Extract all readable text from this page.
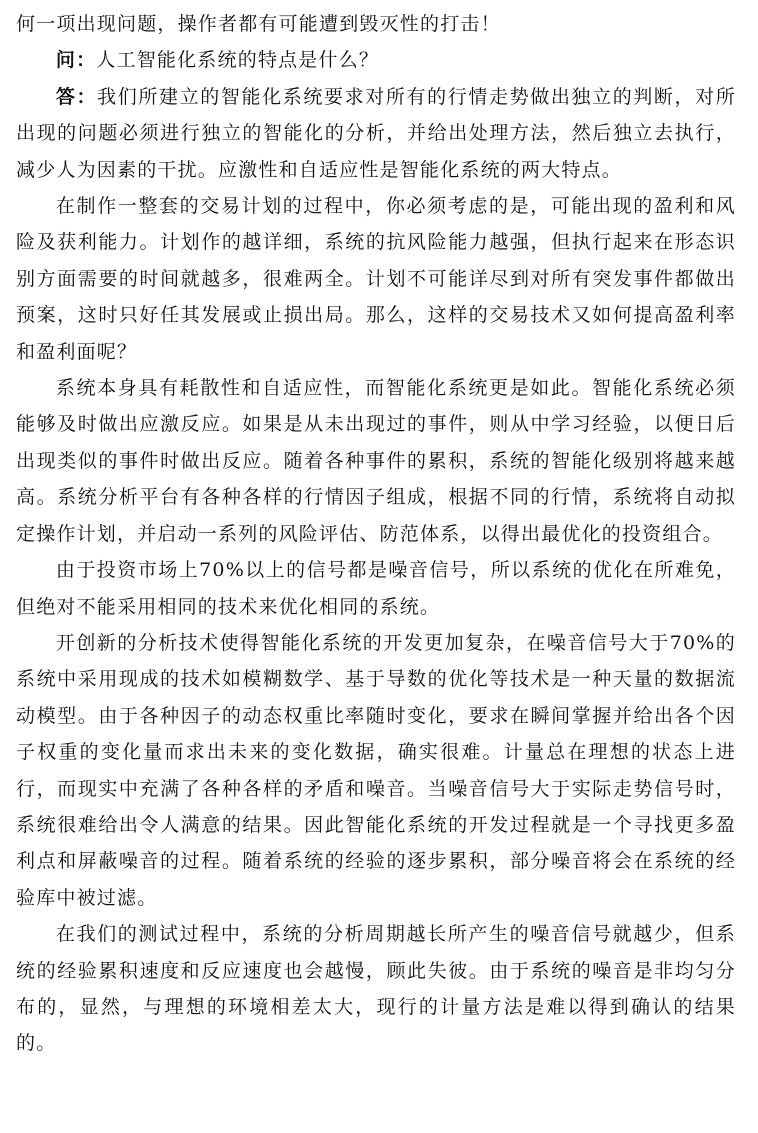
何一项出现问题，操作者都有可能遭到毁灭性的打击！

问：人工智能化系统的特点是什么？

答：我们所建立的智能化系统要求对所有的行情走势做出独立的判断，对所出现的问题必须进行独立的智能化的分析，并给出处理方法，然后独立去执行，减少人为因素的干扰。应激性和自适应性是智能化系统的两大特点。

在制作一整套的交易计划的过程中，你必须考虑的是，可能出现的盈利和风险及获利能力。计划作的越详细，系统的抗风险能力越强，但执行起来在形态识别方面需要的时间就越多，很难两全。计划不可能详尽到对所有突发事件都做出预案，这时只好任其发展或止损出局。那么，这样的交易技术又如何提高盈利率和盈利面呢？

系统本身具有耗散性和自适应性，而智能化系统更是如此。智能化系统必须能够及时做出应激反应。如果是从未出现过的事件，则从中学习经验，以便日后出现类似的事件时做出反应。随着各种事件的累积，系统的智能化级别将越来越高。系统分析平台有各种各样的行情因子组成，根据不同的行情，系统将自动拟定操作计划，并启动一系列的风险评估、防范体系，以得出最优化的投资组合。

由于投资市场上70%以上的信号都是噪音信号，所以系统的优化在所难免，但绝对不能采用相同的技术来优化相同的系统。

开创新的分析技术使得智能化系统的开发更加复杂，在噪音信号大于70%的系统中采用现成的技术如模糊数学、基于导数的优化等技术是一种天量的数据流动模型。由于各种因子的动态权重比率随时变化，要求在瞬间掌握并给出各个因子权重的变化量而求出未来的变化数据，确实很难。计量总在理想的状态上进行，而现实中充满了各种各样的矛盾和噪音。当噪音信号大于实际走势信号时，系统很难给出令人满意的结果。因此智能化系统的开发过程就是一个寻找更多盈利点和屏蔽噪音的过程。随着系统的经验的逐步累积，部分噪音将会在系统的经验库中被过滤。

在我们的测试过程中，系统的分析周期越长所产生的噪音信号就越少，但系统的经验累积速度和反应速度也会越慢，顾此失彼。由于系统的噪音是非均匀分布的，显然，与理想的环境相差太大，现行的计量方法是难以得到确认的结果的。
